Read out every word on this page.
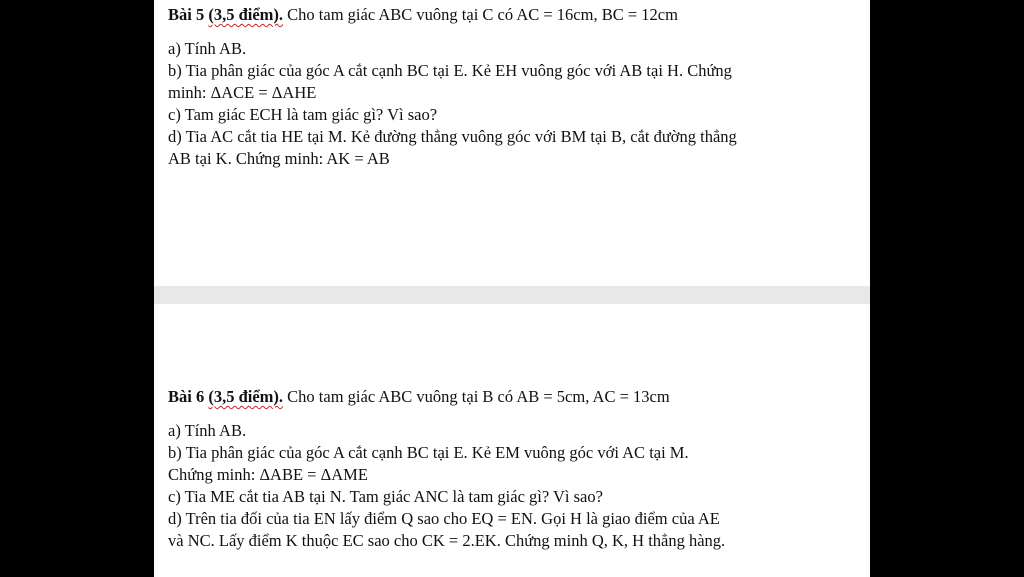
Bài 5 (3,5 điểm). Cho tam giác ABC vuông tại C có AC = 16cm, BC = 12cm
a) Tính AB.
b) Tia phân giác của góc A cắt cạnh BC tại E. Kẻ EH vuông góc với AB tại H. Chứng
minh: ΔACE = ΔAHE
c) Tam giác ECH là tam giác gì? Vì sao?
d) Tia AC cắt tia HE tại M. Kẻ đường thẳng vuông góc với BM tại B, cắt đường thẳng
AB tại K. Chứng minh: AK = AB
Bài 6 (3,5 điểm). Cho tam giác ABC vuông tại B có AB = 5cm, AC = 13cm
a) Tính AB.
b) Tia phân giác của góc A cắt cạnh BC tại E. Kẻ EM vuông góc với AC tại M.
Chứng minh: ΔABE = ΔAME
c) Tia ME cắt tia AB tại N. Tam giác ANC là tam giác gì? Vì sao?
d) Trên tia đối của tia EN lấy điểm Q sao cho EQ = EN. Gọi H là giao điểm của AE
và NC. Lấy điểm K thuộc EC sao cho CK = 2.EK. Chứng minh Q, K, H thẳng hàng.
